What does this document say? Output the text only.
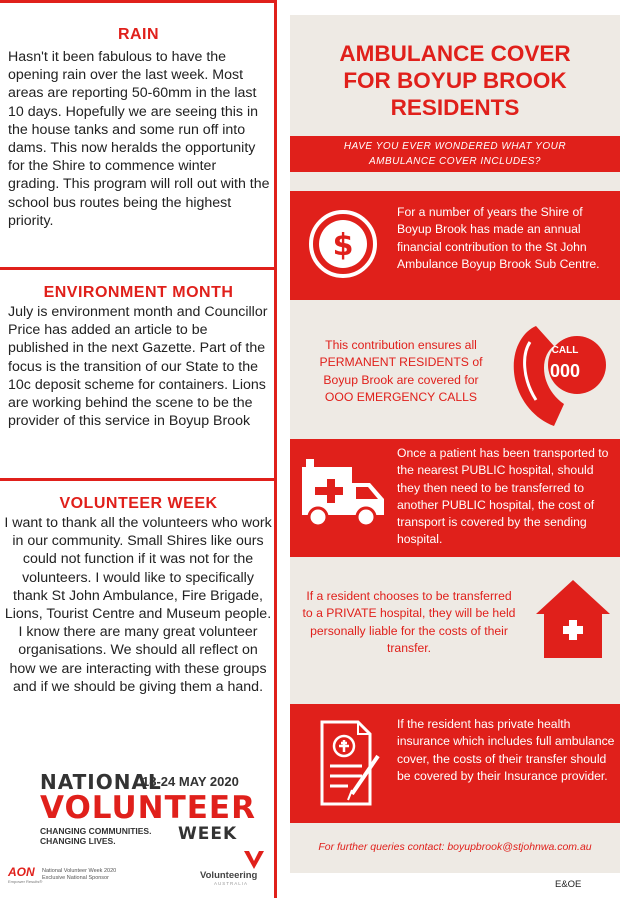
RAIN
Hasn't it been fabulous to have the opening rain over the last week. Most areas are reporting 50-60mm in the last 10 days. Hopefully we are seeing this in the house tanks and some run off into dams. This now heralds the opportunity for the Shire to commence winter grading. This program will roll out with the school bus routes being the highest priority.
ENVIRONMENT MONTH
July is environment month and Councillor Price has added an article to be published in the next Gazette. Part of the focus is the transition of our State to the 10c deposit scheme for containers. Lions are working behind the scene to be the provider of this service in Boyup Brook
VOLUNTEER WEEK
I want to thank all the volunteers who work in our community. Small Shires like ours could not function if it was not for the volunteers. I would like to specifically thank St John Ambulance, Fire Brigade, Lions, Tourist Centre and Museum people. I know there are many great volunteer organisations. We should all reflect on how we are interacting with these groups and if we should be giving them a hand.
NATIONAL
18-24 MAY 2020
VOLUNTEER
CHANGING COMMUNITIES.
CHANGING LIVES.	WEEK
AON
Empower Results®
National Volunteer Week 2020
Exclusive National Sponsor	Volunteering
AUSTRALIA
AMBULANCE COVER
FOR BOYUP BROOK
RESIDENTS
HAVE YOU EVER WONDERED WHAT YOUR
AMBULANCE COVER INCLUDES?
$
For a number of years the Shire of Boyup Brook has made an annual financial contribution to the St John Ambulance Boyup Brook Sub Centre.
This contribution ensures all
PERMANENT RESIDENTS of
Boyup Brook are covered for
OOO EMERGENCY CALLS
CALL
000
Once a patient has been transported to the nearest PUBLIC hospital, should they then need to be transferred to another PUBLIC hospital, the cost of transport is covered by the sending hospital.
If a resident chooses to be transferred
to a PRIVATE hospital, they will be held
personally liable for the costs of their
transfer.
If the resident has private health insurance which includes full ambulance cover, the costs of their transfer should be covered by their Insurance provider.
For further queries contact: boyupbrook@stjohnwa.com.au
E&OE
